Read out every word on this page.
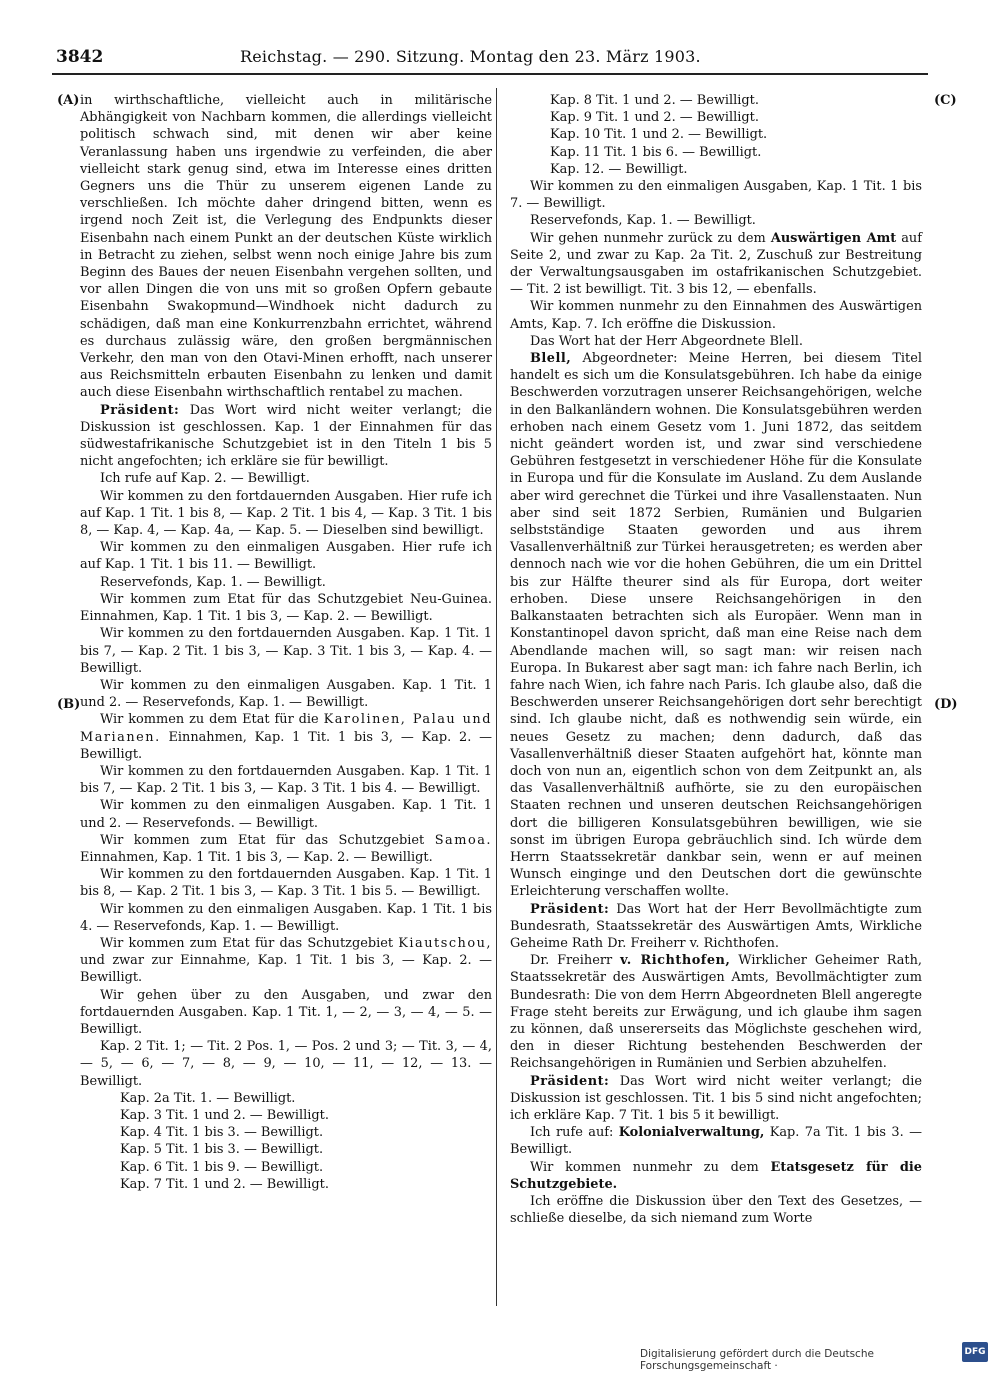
3842	Reichstag. — 290. Sitzung. Montag den 23. März 1903.
(A)
(B)
(C)
(D)

in wirthschaftliche, vielleicht auch in militärische Abhängigkeit von Nachbarn kommen, die allerdings vielleicht politisch schwach sind, mit denen wir aber keine Veranlassung haben uns irgendwie zu verfeinden, die aber vielleicht stark genug sind, etwa im Interesse eines dritten Gegners uns die Thür zu unserem eigenen Lande zu verschließen. Ich möchte daher dringend bitten, wenn es irgend noch Zeit ist, die Verlegung des Endpunkts dieser Eisenbahn nach einem Punkt an der deutschen Küste wirklich in Betracht zu ziehen, selbst wenn noch einige Jahre bis zum Beginn des Baues der neuen Eisenbahn vergehen sollten, und vor allen Dingen die von uns mit so großen Opfern gebaute Eisenbahn Swakopmund—Windhoek nicht dadurch zu schädigen, daß man eine Konkurrenzbahn errichtet, während es durchaus zulässig wäre, den großen bergmännischen Verkehr, den man von den Otavi-Minen erhofft, nach unserer aus Reichsmitteln erbauten Eisenbahn zu lenken und damit auch diese Eisenbahn wirthschaftlich rentabel zu machen.

Präsident: Das Wort wird nicht weiter verlangt; die Diskussion ist geschlossen. Kap. 1 der Einnahmen für das südwestafrikanische Schutzgebiet ist in den Titeln 1 bis 5 nicht angefochten; ich erkläre sie für bewilligt.

Ich rufe auf Kap. 2. — Bewilligt.

Wir kommen zu den fortdauernden Ausgaben. Hier rufe ich auf Kap. 1 Tit. 1 bis 8, — Kap. 2 Tit. 1 bis 4, — Kap. 3 Tit. 1 bis 8, — Kap. 4, — Kap. 4a, — Kap. 5. — Dieselben sind bewilligt.

Wir kommen zu den einmaligen Ausgaben. Hier rufe ich auf Kap. 1 Tit. 1 bis 11. — Bewilligt.

Reservefonds, Kap. 1. — Bewilligt.

Wir kommen zum Etat für das Schutzgebiet Neu-Guinea. Einnahmen, Kap. 1 Tit. 1 bis 3, — Kap. 2. — Bewilligt.

Wir kommen zu den fortdauernden Ausgaben. Kap. 1 Tit. 1 bis 7, — Kap. 2 Tit. 1 bis 3, — Kap. 3 Tit. 1 bis 3, — Kap. 4. — Bewilligt.

Wir kommen zu den einmaligen Ausgaben. Kap. 1 Tit. 1 und 2. — Reservefonds, Kap. 1. — Bewilligt.

Wir kommen zu dem Etat für die Karolinen, Palau und Marianen. Einnahmen, Kap. 1 Tit. 1 bis 3, — Kap. 2. — Bewilligt.

Wir kommen zu den fortdauernden Ausgaben. Kap. 1 Tit. 1 bis 7, — Kap. 2 Tit. 1 bis 3, — Kap. 3 Tit. 1 bis 4. — Bewilligt.

Wir kommen zu den einmaligen Ausgaben. Kap. 1 Tit. 1 und 2. — Reservefonds. — Bewilligt.

Wir kommen zum Etat für das Schutzgebiet Samoa. Einnahmen, Kap. 1 Tit. 1 bis 3, — Kap. 2. — Bewilligt.

Wir kommen zu den fortdauernden Ausgaben. Kap. 1 Tit. 1 bis 8, — Kap. 2 Tit. 1 bis 3, — Kap. 3 Tit. 1 bis 5. — Bewilligt.

Wir kommen zu den einmaligen Ausgaben. Kap. 1 Tit. 1 bis 4. — Reservefonds, Kap. 1. — Bewilligt.

Wir kommen zum Etat für das Schutzgebiet Kiautschou, und zwar zur Einnahme, Kap. 1 Tit. 1 bis 3, — Kap. 2. — Bewilligt.

Wir gehen über zu den Ausgaben, und zwar den fortdauernden Ausgaben. Kap. 1 Tit. 1, — 2, — 3, — 4, — 5. — Bewilligt.

Kap. 2 Tit. 1; — Tit. 2 Pos. 1, — Pos. 2 und 3; — Tit. 3, — 4, — 5, — 6, — 7, — 8, — 9, — 10, — 11, — 12, — 13. — Bewilligt.

Kap. 2a Tit. 1. — Bewilligt.

Kap. 3 Tit. 1 und 2. — Bewilligt.

Kap. 4 Tit. 1 bis 3. — Bewilligt.

Kap. 5 Tit. 1 bis 3. — Bewilligt.

Kap. 6 Tit. 1 bis 9. — Bewilligt.

Kap. 7 Tit. 1 und 2. — Bewilligt.

Kap. 8 Tit. 1 und 2. — Bewilligt.

Kap. 9 Tit. 1 und 2. — Bewilligt.

Kap. 10 Tit. 1 und 2. — Bewilligt.

Kap. 11 Tit. 1 bis 6. — Bewilligt.

Kap. 12. — Bewilligt.

Wir kommen zu den einmaligen Ausgaben, Kap. 1 Tit. 1 bis 7. — Bewilligt.

Reservefonds, Kap. 1. — Bewilligt.

Wir gehen nunmehr zurück zu dem Auswärtigen Amt auf Seite 2, und zwar zu Kap. 2a Tit. 2, Zuschuß zur Bestreitung der Verwaltungsausgaben im ostafrikanischen Schutzgebiet. — Tit. 2 ist bewilligt. Tit. 3 bis 12, — ebenfalls.

Wir kommen nunmehr zu den Einnahmen des Auswärtigen Amts, Kap. 7. Ich eröffne die Diskussion.

Das Wort hat der Herr Abgeordnete Blell.

Blell, Abgeordneter: Meine Herren, bei diesem Titel handelt es sich um die Konsulatsgebühren. Ich habe da einige Beschwerden vorzutragen unserer Reichsangehörigen, welche in den Balkanländern wohnen. Die Konsulatsgebühren werden erhoben nach einem Gesetz vom 1. Juni 1872, das seitdem nicht geändert worden ist, und zwar sind verschiedene Gebühren festgesetzt in verschiedener Höhe für die Konsulate in Europa und für die Konsulate im Ausland. Zu dem Auslande aber wird gerechnet die Türkei und ihre Vasallenstaaten. Nun aber sind seit 1872 Serbien, Rumänien und Bulgarien selbstständige Staaten geworden und aus ihrem Vasallenverhältniß zur Türkei herausgetreten; es werden aber dennoch nach wie vor die hohen Gebühren, die um ein Drittel bis zur Hälfte theurer sind als für Europa, dort weiter erhoben. Diese unsere Reichsangehörigen in den Balkanstaaten betrachten sich als Europäer. Wenn man in Konstantinopel davon spricht, daß man eine Reise nach dem Abendlande machen will, so sagt man: wir reisen nach Europa. In Bukarest aber sagt man: ich fahre nach Berlin, ich fahre nach Wien, ich fahre nach Paris. Ich glaube also, daß die Beschwerden unserer Reichsangehörigen dort sehr berechtigt sind. Ich glaube nicht, daß es nothwendig sein würde, ein neues Gesetz zu machen; denn dadurch, daß das Vasallenverhältniß dieser Staaten aufgehört hat, könnte man doch von nun an, eigentlich schon von dem Zeitpunkt an, als das Vasallenverhältniß aufhörte, sie zu den europäischen Staaten rechnen und unseren deutschen Reichsangehörigen dort die billigeren Konsulatsgebühren bewilligen, wie sie sonst im übrigen Europa gebräuchlich sind. Ich würde dem Herrn Staatssekretär dankbar sein, wenn er auf meinen Wunsch einginge und den Deutschen dort die gewünschte Erleichterung verschaffen wollte.

Präsident: Das Wort hat der Herr Bevollmächtigte zum Bundesrath, Staatssekretär des Auswärtigen Amts, Wirkliche Geheime Rath Dr. Freiherr v. Richthofen.

Dr. Freiherr v. Richthofen, Wirklicher Geheimer Rath, Staatssekretär des Auswärtigen Amts, Bevollmächtigter zum Bundesrath: Die von dem Herrn Abgeordneten Blell angeregte Frage steht bereits zur Erwägung, und ich glaube ihm sagen zu können, daß unsererseits das Möglichste geschehen wird, den in dieser Richtung bestehenden Beschwerden der Reichsangehörigen in Rumänien und Serbien abzuhelfen.

Präsident: Das Wort wird nicht weiter verlangt; die Diskussion ist geschlossen. Tit. 1 bis 5 sind nicht angefochten; ich erkläre Kap. 7 Tit. 1 bis 5 it bewilligt.

Ich rufe auf: Kolonialverwaltung, Kap. 7a Tit. 1 bis 3. — Bewilligt.

Wir kommen nunmehr zu dem Etatsgesetz für die Schutzgebiete.

Ich eröffne die Diskussion über den Text des Gesetzes, — schließe dieselbe, da sich niemand zum Worte

Digitalisierung gefördert durch die Deutsche Forschungsgemeinschaft ·
DFG
